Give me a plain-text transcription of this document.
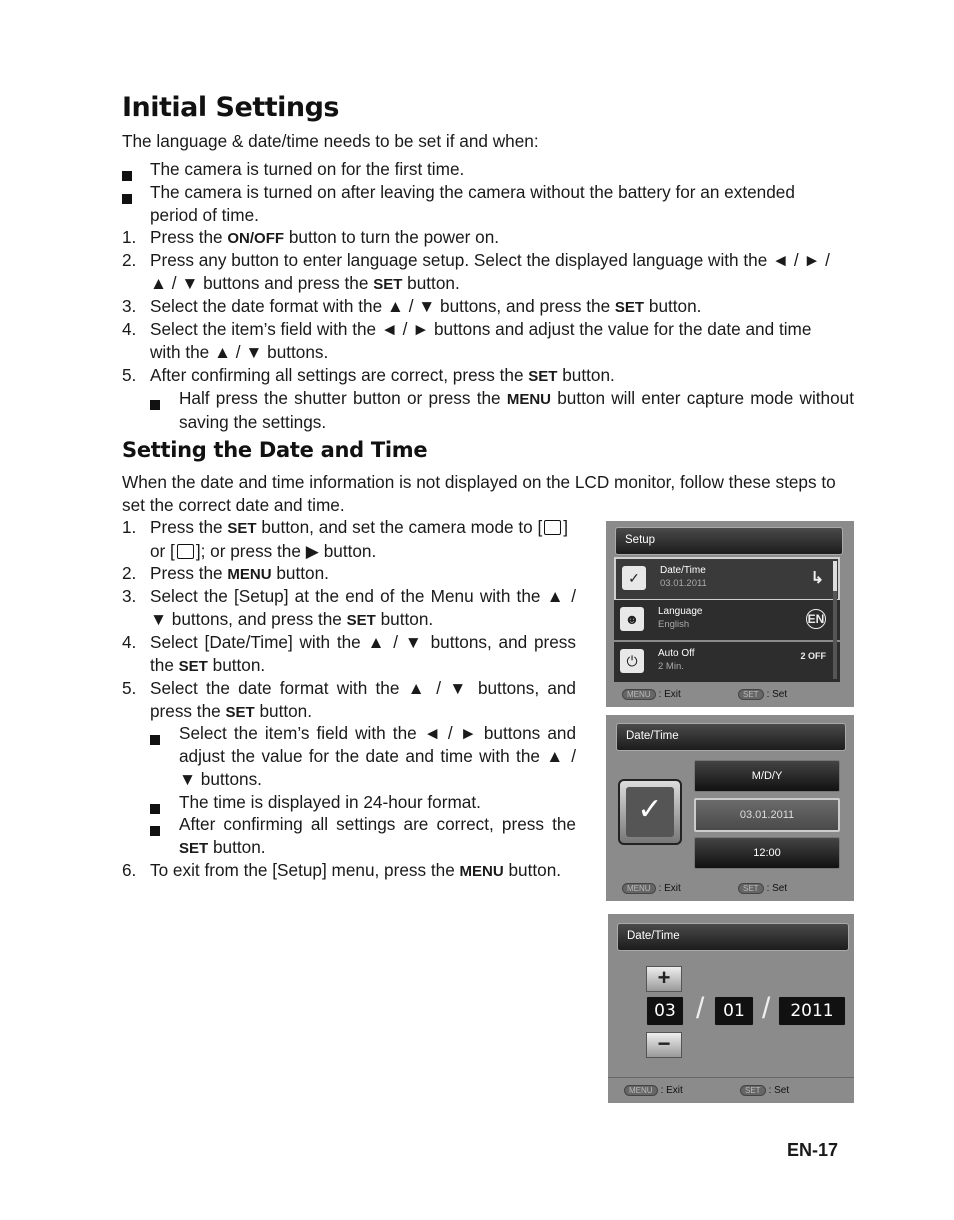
Initial Settings
The language & date/time needs to be set if and when:
The camera is turned on for the first time.
The camera is turned on after leaving the camera without the battery for an extended period of time.
1. Press the ON/OFF button to turn the power on.
2. Press any button to enter language setup. Select the displayed language with the ◄ / ► / ▲ / ▼ buttons and press the SET button.
3. Select the date format with the ▲ / ▼ buttons, and press the SET button.
4. Select the item’s field with the ◄ / ► buttons and adjust the value for the date and time with the ▲ / ▼ buttons.
5. After confirming all settings are correct, press the SET button.
Half press the shutter button or press the MENU button will enter capture mode without saving the settings.
Setting the Date and Time
When the date and time information is not displayed on the LCD monitor, follow these steps to set the correct date and time.
1. Press the SET button, and set the camera mode to [ ] or [ ]; or press the ▶ button.
2. Press the MENU button.
3. Select the [Setup] at the end of the Menu with the ▲ / ▼ buttons, and press the SET button.
4. Select [Date/Time] with the ▲ / ▼ buttons, and press the SET button.
5. Select the date format with the ▲ / ▼ buttons, and press the SET button.
Select the item’s field with the ◄ / ► buttons and adjust the value for the date and time with the ▲ / ▼ buttons.
The time is displayed in 24-hour format.
After confirming all settings are correct, press the SET button.
6. To exit from the [Setup] menu, press the MENU button.
Setup
✓	Date/Time
03.01.2011	↳
☻	Language
English	EN
⏻	Auto Off
2 Min.
2 OFF
MENU : Exit	SET : Set
Date/Time
✓
M/D/Y
03.01.2011
12:00
MENU : Exit	SET : Set
Date/Time
+
03 /	01 /	2011
−
MENU : Exit	SET : Set
EN-17
